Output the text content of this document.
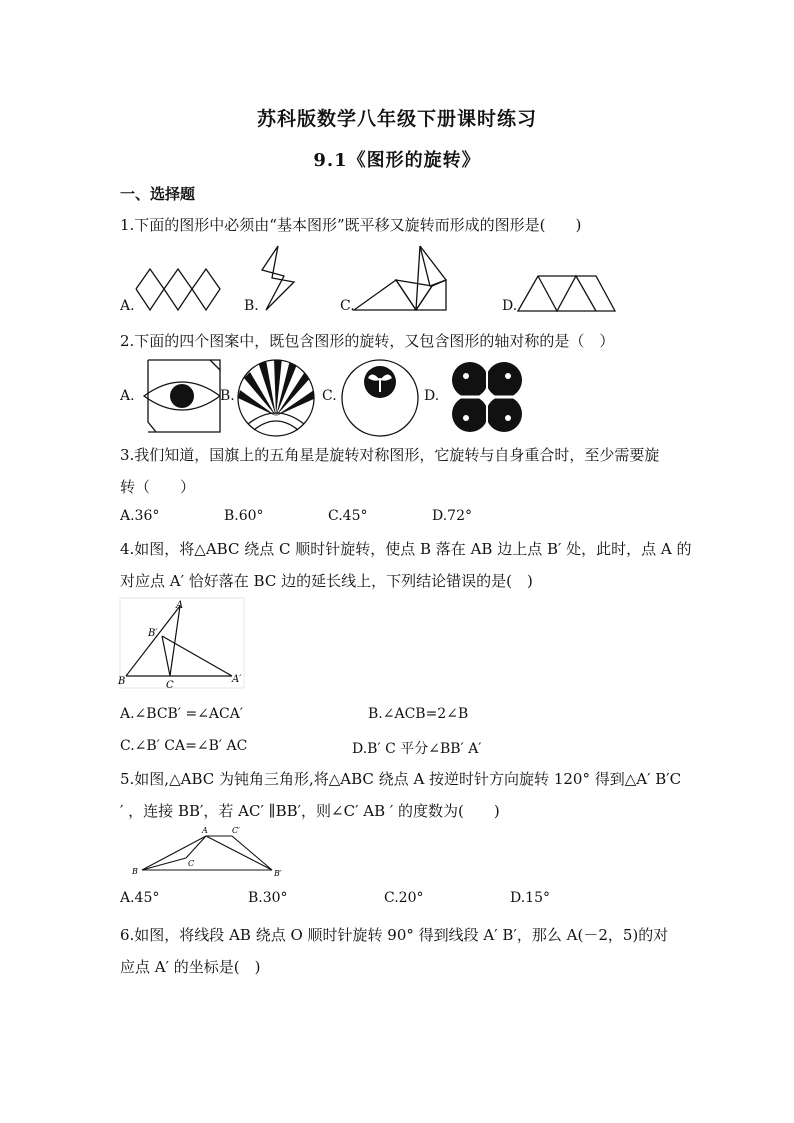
苏科版数学八年级下册课时练习
9.1《图形的旋转》
一、选择题
1.下面的图形中必须由“基本图形”既平移又旋转而形成的图形是(　　)
A.	B.	C.	D.
2.下面的四个图案中，既包含图形的旋转，又包含图形的轴对称的是（　）
A.	B.	C.	D.
3.我们知道，国旗上的五角星是旋转对称图形，它旋转与自身重合时，至少需要旋
转（　　）
A.36°	B.60°	C.45°	D.72°
4.如图，将△ABC 绕点 C 顺时针旋转，使点 B 落在 AB 边上点 B′ 处，此时，点 A 的
对应点 A′ 恰好落在 BC 边的延长线上，下列结论错误的是(　)
A
B′
B	C
A′
A.∠BCB′ =∠ACA′	B.∠ACB=2∠B
C.∠B′ CA=∠B′ AC	D.B′ C 平分∠BB′ A′
5.如图,△ABC 为钝角三角形,将△ABC 绕点 A 按逆时针方向旋转 120° 得到△A′ B′C
′ ，连接 BB′，若 AC′ ∥BB′，则∠C′ AB ′ 的度数为(　　)
A	C′
B
C
B′
A.45°	B.30°	C.20°	D.15°
6.如图，将线段 AB 绕点 O 顺时针旋转 90° 得到线段 A′ B′，那么 A(－2，5)的对
应点 A′ 的坐标是(　)
